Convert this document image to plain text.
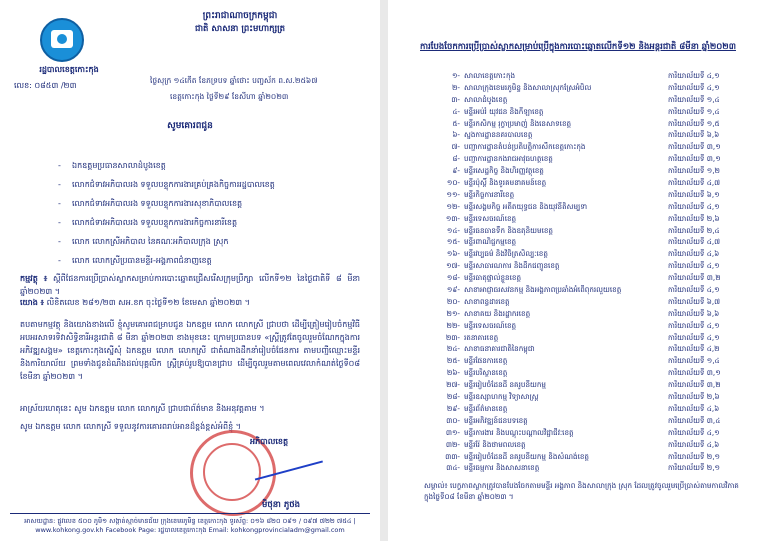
ព្រះរាជាណាចក្រកម្ពុជា
ជាតិ សាសនា ព្រះមហាក្សត្រ
រដ្ឋបាលខេត្តកោះកុង
លេខ: ០៨៥៣ /២៣
ថ្ងៃសុក្រ ១៤កើត ខែភទ្របទ ឆ្នាំថោះ បញ្ចស័ក ព.ស.២៥៦៧
ខេត្តកោះកុង ថ្ងៃទី២៩ ខែសីហា ឆ្នាំ២០២៣
សូមគោរពជូន
- ឯកឧត្តមប្រធានសាលាដំបូងខេត្ត
- លោកជំទាវអភិបាលរង ទទួលបន្ទុកការងារគ្រប់គ្រងកិច្ចការរដ្ឋបាលខេត្ត
- លោកជំទាវអភិបាលរង ទទួលបន្ទុកការងារសុខាភិបាលខេត្ត
- លោកជំទាវអភិបាលរង ទទួលបន្ទុកការងារកិច្ចការនារីខេត្ត
- លោក លោកស្រីអភិបាល នៃគណៈអភិបាលក្រុង ស្រុក
- លោក លោកស្រីប្រធានមន្ទីរ-អង្គភាពជំនាញខេត្ត
កម្មវត្ថុ ៖ ស្ដីពីផែនការប្រើប្រាស់ស្លាកសម្រាប់ការបោះឆ្នោតជ្រើសរើសក្រុមប្រឹក្សា លើកទី១២ នៃថ្ងៃជាតិទី ៨ មីនា ឆ្នាំ២០២៣ ។
យោង ៖ លិខិតលេខ ២៨១/២៣ សអ.ខក ចុះថ្ងៃទី១២ ខែមេសា ឆ្នាំ២០២៣ ។
តបតាមកម្មវត្ថុ និងយោងខាងលើ ខ្ញុំសូមគោរពជម្រាបជូន ឯកឧត្តម លោក លោកស្រី ជ្រាបថា ដើម្បីត្រៀមរៀបចំកម្មវិធីអបអរសាទរទិវាសិទ្ធិនារីអន្តរជាតិ ៨ មីនា ឆ្នាំ២០២៣ ខាងមុខនេះ ក្រោមប្រធានបទ «ស្ត្រីត្រូវតែចូលរួមចំណែកក្នុងការអភិវឌ្ឍសង្គម» ខេត្តកោះកុងស្នើសុំ ឯកឧត្តម លោក លោកស្រី ជាតំណាងដឹកនាំរៀបចំផែនការ តាមបញ្ជីឈ្មោះមន្ទីរ និងការិយាល័យ ព្រមទាំងជូនដំណឹងដល់បុគ្គលិក ស្ត្រីគ្រប់រូបឱ្យបានជ្រាប ដើម្បីចូលរួមតាមពេលវេលាកំណត់ថ្ងៃទី០៨ ខែមីនា ឆ្នាំ២០២៣ ។
អាស្រ័យហេតុនេះ សូម ឯកឧត្តម លោក លោកស្រី ជ្រាបជាព័ត៌មាន និងអនុវត្តតាម ។
សូម ឯកឧត្តម លោក លោកស្រី ទទួលនូវការគោរពរាប់អានដ៏ខ្ពង់ខ្ពស់អំពីខ្ញុំ ។
អភិបាលខេត្ត
មិថុនា ភូថង
អាសយដ្ឋាន: ផ្លូវលេខ ៥០០ ភូមិ១ សង្កាត់ស្មាច់មានជ័យ ក្រុងខេមរភូមិន្ទ ខេត្តកោះកុង ទូរស័ព្ទ: ០១៦ ៨២០ ០៩១ / ០៩៧ ៧២២ ៧៥៤ | www.kohkong.gov.kh Facebook Page: រដ្ឋបាលខេត្តកោះកុង Email: kohkongprovincialadm@gmail.com
ការបែងចែកការប្រើប្រាស់ស្លាកសម្រាប់ប្រើក្នុងការបោះឆ្នោតលើកទី១២ និងអន្តរជាតិ ៨មីនា ឆ្នាំ២០២៣
១- សាលាខេត្តកោះកុង	ការិយាល័យទី ៤,១
២- សាលាក្រុងខេមរភូមិន្ទ និងសាលាស្រុកស្រែអំបិល	ការិយាល័យទី ៤,១
៣- សាលាដំបូងខេត្ត	ការិយាល័យទី ១,៤
៤- មន្ទីរអប់រំ យុវជន និងកីឡាខេត្ត	ការិយាល័យទី ១,៤
៥- មន្ទីរកសិកម្ម រុក្ខាប្រមាញ់ និងនេសាទខេត្ត	ការិយាល័យទី ១,៥
៦- ស្នងការដ្ឋាននគរបាលខេត្ត	ការិយាល័យទី ៦,៦
៧- បញ្ជាការដ្ឋានតំបន់ប្រតិបត្តិការសឹកខេត្តកោះកុង	ការិយាល័យទី ៣,១
៨- បញ្ជាការដ្ឋានកងរាជអាវុធហត្ថខេត្ត	ការិយាល័យទី ៣,១
៩- មន្ទីរសេដ្ឋកិច្ច និងហិរញ្ញវត្ថុខេត្ត	ការិយាល័យទី ១,២
១០- មន្ទីរប៉ុស្តិ៍ និងទូរគមនាគមន៍ខេត្ត	ការិយាល័យទី ៤,៧
១១- មន្ទីរកិច្ចការនារីខេត្ត	ការិយាល័យទី ៦,១
១២- មន្ទីរសង្គមកិច្ច អតីតយុទ្ធជន និងយុវនីតិសម្បទា	ការិយាល័យទី ៤,១
១៣- មន្ទីរទេសចរណ៍ខេត្ត	ការិយាល័យទី ២,៦
១៤- មន្ទីរធនធានទឹក និងឧតុនិយមខេត្ត	ការិយាល័យទី ២,៤
១៥- មន្ទីរពាណិជ្ជកម្មខេត្ត	ការិយាល័យទី ៤,៧
១៦- មន្ទីរវប្បធម៌ និងវិចិត្រសិល្បៈខេត្ត	ការិយាល័យទី ៤,៦
១៧- មន្ទីរសាធារណការ និងដឹកជញ្ជូនខេត្ត	ការិយាល័យទី ៤,១
១៨- មន្ទីរធាតុផ្ទាល់ខ្លួនខេត្ត	ការិយាល័យទី ៣,២
១៩- សាខាអាជ្ញាធរសវនកម្ម និងអង្គភាពប្រឆាំងអំពើពុករលួយខេត្ត	ការិយាល័យទី ៤,១
២០- សាខាពន្ធដារខេត្ត	ការិយាល័យទី ៦,៧
២១- សាខាគយ និងរដ្ឋាករខេត្ត	ការិយាល័យទី ៦,៦
២២- មន្ទីរទេសចរណ៍ខេត្ត	ការិយាល័យទី ៤,១
២៣- រតនាគារខេត្ត	ការិយាល័យទី ៤,១
២៤- សាខាធនាគារជាតិនៃកម្ពុជា	ការិយាល័យទី ៤,២
២៥- មន្ទីរផែនការខេត្ត	ការិយាល័យទី ១,៤
២៦- មន្ទីរបរិស្ថានខេត្ត	ការិយាល័យទី ៣,១
២៧- មន្ទីររៀបចំដែនដី នគរូបនីយកម្ម	ការិយាល័យទី ៣,២
២៨- មន្ទីរឧស្សាហកម្ម វិទ្យាសាស្ត្រ	ការិយាល័យទី ២,៦
២៩- មន្ទីរព័ត៌មានខេត្ត	ការិយាល័យទី ៤,៦
៣០- មន្ទីរអភិវឌ្ឍន៍ជនបទខេត្ត	ការិយាល័យទី ៣,៤
៣១- មន្ទីរការងារ និងបណ្តុះបណ្តាលវិជ្ជាជីវៈខេត្ត	ការិយាល័យទី ៤,១
៣២- មន្ទីររ៉ែ និងថាមពលខេត្ត	ការិយាល័យទី ៤,៦
៣៣- មន្ទីររៀបចំដែនដី នគរូបនីយកម្ម និងសំណង់ខេត្ត	ការិយាល័យទី ២,១
៣៤- មន្ទីរធម្មការ និងសាសនាខេត្ត	ការិយាល័យទី ២,១
សម្គាល់៖ បេក្ខភាពស្លាកត្រូវបានបែងចែកតាមមន្ទីរ អង្គភាព និងសាលាក្រុង ស្រុក ដែលត្រូវចូលរួមប្រើប្រាស់តាមកាលវិភាគ ក្នុងថ្ងៃទី០៨ ខែមីនា ឆ្នាំ២០២៣ ។
